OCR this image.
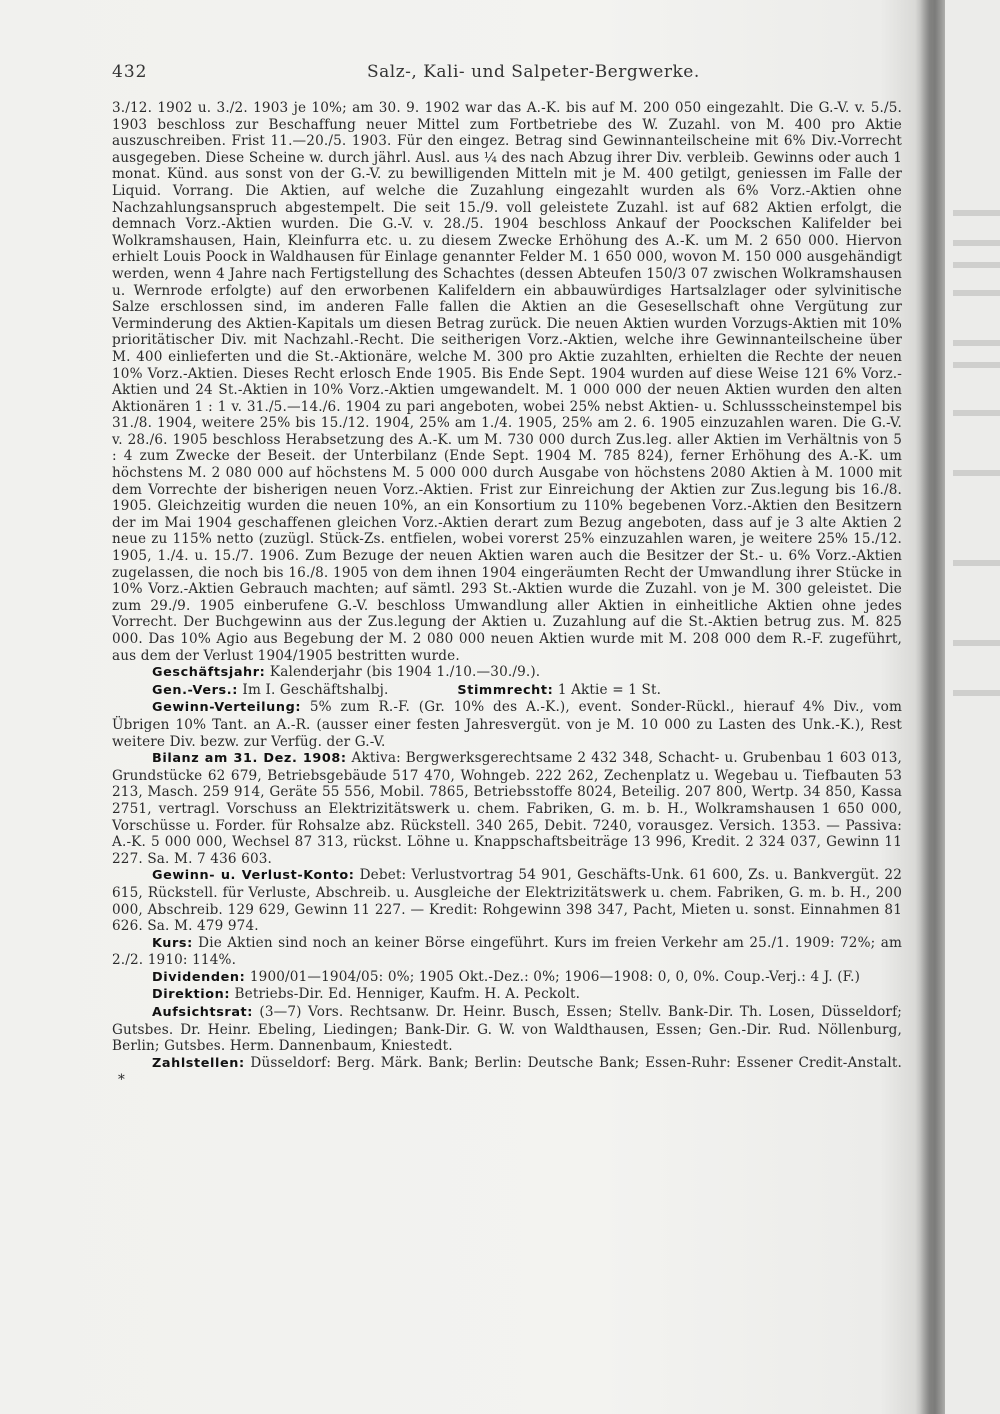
432	Salz-, Kali- und Salpeter-Bergwerke.

3./12. 1902 u. 3./2. 1903 je 10%; am 30. 9. 1902 war das A.-K. bis auf M. 200 050 eingezahlt. Die G.-V. v. 5./5. 1903 beschloss zur Beschaffung neuer Mittel zum Fortbetriebe des W. Zuzahl. von M. 400 pro Aktie auszuschreiben. Frist 11.—20./5. 1903. Für den eingez. Betrag sind Gewinnanteilscheine mit 6% Div.-Vorrecht ausgegeben. Diese Scheine w. durch jährl. Ausl. aus ¼ des nach Abzug ihrer Div. verbleib. Gewinns oder auch 1 monat. Künd. aus sonst von der G.-V. zu bewilligenden Mitteln mit je M. 400 getilgt, geniessen im Falle der Liquid. Vorrang. Die Aktien, auf welche die Zuzahlung eingezahlt wurden als 6% Vorz.-Aktien ohne Nachzahlungsanspruch abgestempelt. Die seit 15./9. voll geleistete Zuzahl. ist auf 682 Aktien erfolgt, die demnach Vorz.-Aktien wurden. Die G.-V. v. 28./5. 1904 beschloss Ankauf der Poockschen Kalifelder bei Wolkramshausen, Hain, Kleinfurra etc. u. zu diesem Zwecke Erhöhung des A.-K. um M. 2 650 000. Hiervon erhielt Louis Poock in Waldhausen für Einlage genannter Felder M. 1 650 000, wovon M. 150 000 ausgehändigt werden, wenn 4 Jahre nach Fertigstellung des Schachtes (dessen Abteufen 150/3 07 zwischen Wolkramshausen u. Wernrode erfolgte) auf den erworbenen Kalifeldern ein abbauwürdiges Hartsalzlager oder sylvinitische Salze erschlossen sind, im anderen Falle fallen die Aktien an die Gesesellschaft ohne Vergütung zur Verminderung des Aktien-Kapitals um diesen Betrag zurück. Die neuen Aktien wurden Vorzugs-Aktien mit 10% prioritätischer Div. mit Nachzahl.-Recht. Die seitherigen Vorz.-Aktien, welche ihre Gewinnanteilscheine über M. 400 einlieferten und die St.-Aktionäre, welche M. 300 pro Aktie zuzahlten, erhielten die Rechte der neuen 10% Vorz.-Aktien. Dieses Recht erlosch Ende 1905. Bis Ende Sept. 1904 wurden auf diese Weise 121 6% Vorz.-Aktien und 24 St.-Aktien in 10% Vorz.-Aktien umgewandelt. M. 1 000 000 der neuen Aktien wurden den alten Aktionären 1 : 1 v. 31./5.—14./6. 1904 zu pari angeboten, wobei 25% nebst Aktien- u. Schlussscheinstempel bis 31./8. 1904, weitere 25% bis 15./12. 1904, 25% am 1./4. 1905, 25% am 2. 6. 1905 einzuzahlen waren. Die G.-V. v. 28./6. 1905 beschloss Herabsetzung des A.-K. um M. 730 000 durch Zus.leg. aller Aktien im Verhältnis von 5 : 4 zum Zwecke der Beseit. der Unterbilanz (Ende Sept. 1904 M. 785 824), ferner Erhöhung des A.-K. um höchstens M. 2 080 000 auf höchstens M. 5 000 000 durch Ausgabe von höchstens 2080 Aktien à M. 1000 mit dem Vorrechte der bisherigen neuen Vorz.-Aktien. Frist zur Einreichung der Aktien zur Zus.legung bis 16./8. 1905. Gleichzeitig wurden die neuen 10%, an ein Konsortium zu 110% begebenen Vorz.-Aktien den Besitzern der im Mai 1904 geschaffenen gleichen Vorz.-Aktien derart zum Bezug angeboten, dass auf je 3 alte Aktien 2 neue zu 115% netto (zuzügl. Stück-Zs. entfielen, wobei vorerst 25% einzuzahlen waren, je weitere 25% 15./12. 1905, 1./4. u. 15./7. 1906. Zum Bezuge der neuen Aktien waren auch die Besitzer der St.- u. 6% Vorz.-Aktien zugelassen, die noch bis 16./8. 1905 von dem ihnen 1904 eingeräumten Recht der Umwandlung ihrer Stücke in 10% Vorz.-Aktien Gebrauch machten; auf sämtl. 293 St.-Aktien wurde die Zuzahl. von je M. 300 geleistet. Die zum 29./9. 1905 einberufene G.-V. beschloss Umwandlung aller Aktien in einheitliche Aktien ohne jedes Vorrecht. Der Buchgewinn aus der Zus.legung der Aktien u. Zuzahlung auf die St.-Aktien betrug zus. M. 825 000. Das 10% Agio aus Begebung der M. 2 080 000 neuen Aktien wurde mit M. 208 000 dem R.-F. zugeführt, aus dem der Verlust 1904/1905 bestritten wurde.

Geschäftsjahr: Kalenderjahr (bis 1904 1./10.—30./9.).

Gen.-Vers.: Im I. Geschäftshalbj.	Stimmrecht: 1 Aktie = 1 St.

Gewinn-Verteilung: 5% zum R.-F. (Gr. 10% des A.-K.), event. Sonder-Rückl., hierauf 4% Div., vom Übrigen 10% Tant. an A.-R. (ausser einer festen Jahresvergüt. von je M. 10 000 zu Lasten des Unk.-K.), Rest weitere Div. bezw. zur Verfüg. der G.-V.

Bilanz am 31. Dez. 1908: Aktiva: Bergwerksgerechtsame 2 432 348, Schacht- u. Grubenbau 1 603 013, Grundstücke 62 679, Betriebsgebäude 517 470, Wohngeb. 222 262, Zechenplatz u. Wegebau u. Tiefbauten 53 213, Masch. 259 914, Geräte 55 556, Mobil. 7865, Betriebsstoffe 8024, Beteilig. 207 800, Wertp. 34 850, Kassa 2751, vertragl. Vorschuss an Elektrizitätswerk u. chem. Fabriken, G. m. b. H., Wolkramshausen 1 650 000, Vorschüsse u. Forder. für Rohsalze abz. Rückstell. 340 265, Debit. 7240, vorausgez. Versich. 1353. — Passiva: A.-K. 5 000 000, Wechsel 87 313, rückst. Löhne u. Knappschaftsbeiträge 13 996, Kredit. 2 324 037, Gewinn 11 227. Sa. M. 7 436 603.

Gewinn- u. Verlust-Konto: Debet: Verlustvortrag 54 901, Geschäfts-Unk. 61 600, Zs. u. Bankvergüt. 22 615, Rückstell. für Verluste, Abschreib. u. Ausgleiche der Elektrizitätswerk u. chem. Fabriken, G. m. b. H., 200 000, Abschreib. 129 629, Gewinn 11 227. — Kredit: Rohgewinn 398 347, Pacht, Mieten u. sonst. Einnahmen 81 626. Sa. M. 479 974.

Kurs: Die Aktien sind noch an keiner Börse eingeführt. Kurs im freien Verkehr am 25./1. 1909: 72%; am 2./2. 1910: 114%.

Dividenden: 1900/01—1904/05: 0%; 1905 Okt.-Dez.: 0%; 1906—1908: 0, 0, 0%. Coup.-Verj.: 4 J. (F.)

Direktion: Betriebs-Dir. Ed. Henniger, Kaufm. H. A. Peckolt.

Aufsichtsrat: (3—7) Vors. Rechtsanw. Dr. Heinr. Busch, Essen; Stellv. Bank-Dir. Th. Losen, Düsseldorf; Gutsbes. Dr. Heinr. Ebeling, Liedingen; Bank-Dir. G. W. von Waldthausen, Essen; Gen.-Dir. Rud. Nöllenburg, Berlin; Gutsbes. Herm. Dannenbaum, Kniestedt.

Zahlstellen: Düsseldorf: Berg. Märk. Bank; Berlin: Deutsche Bank; Essen-Ruhr: Essener Credit-Anstalt. *
